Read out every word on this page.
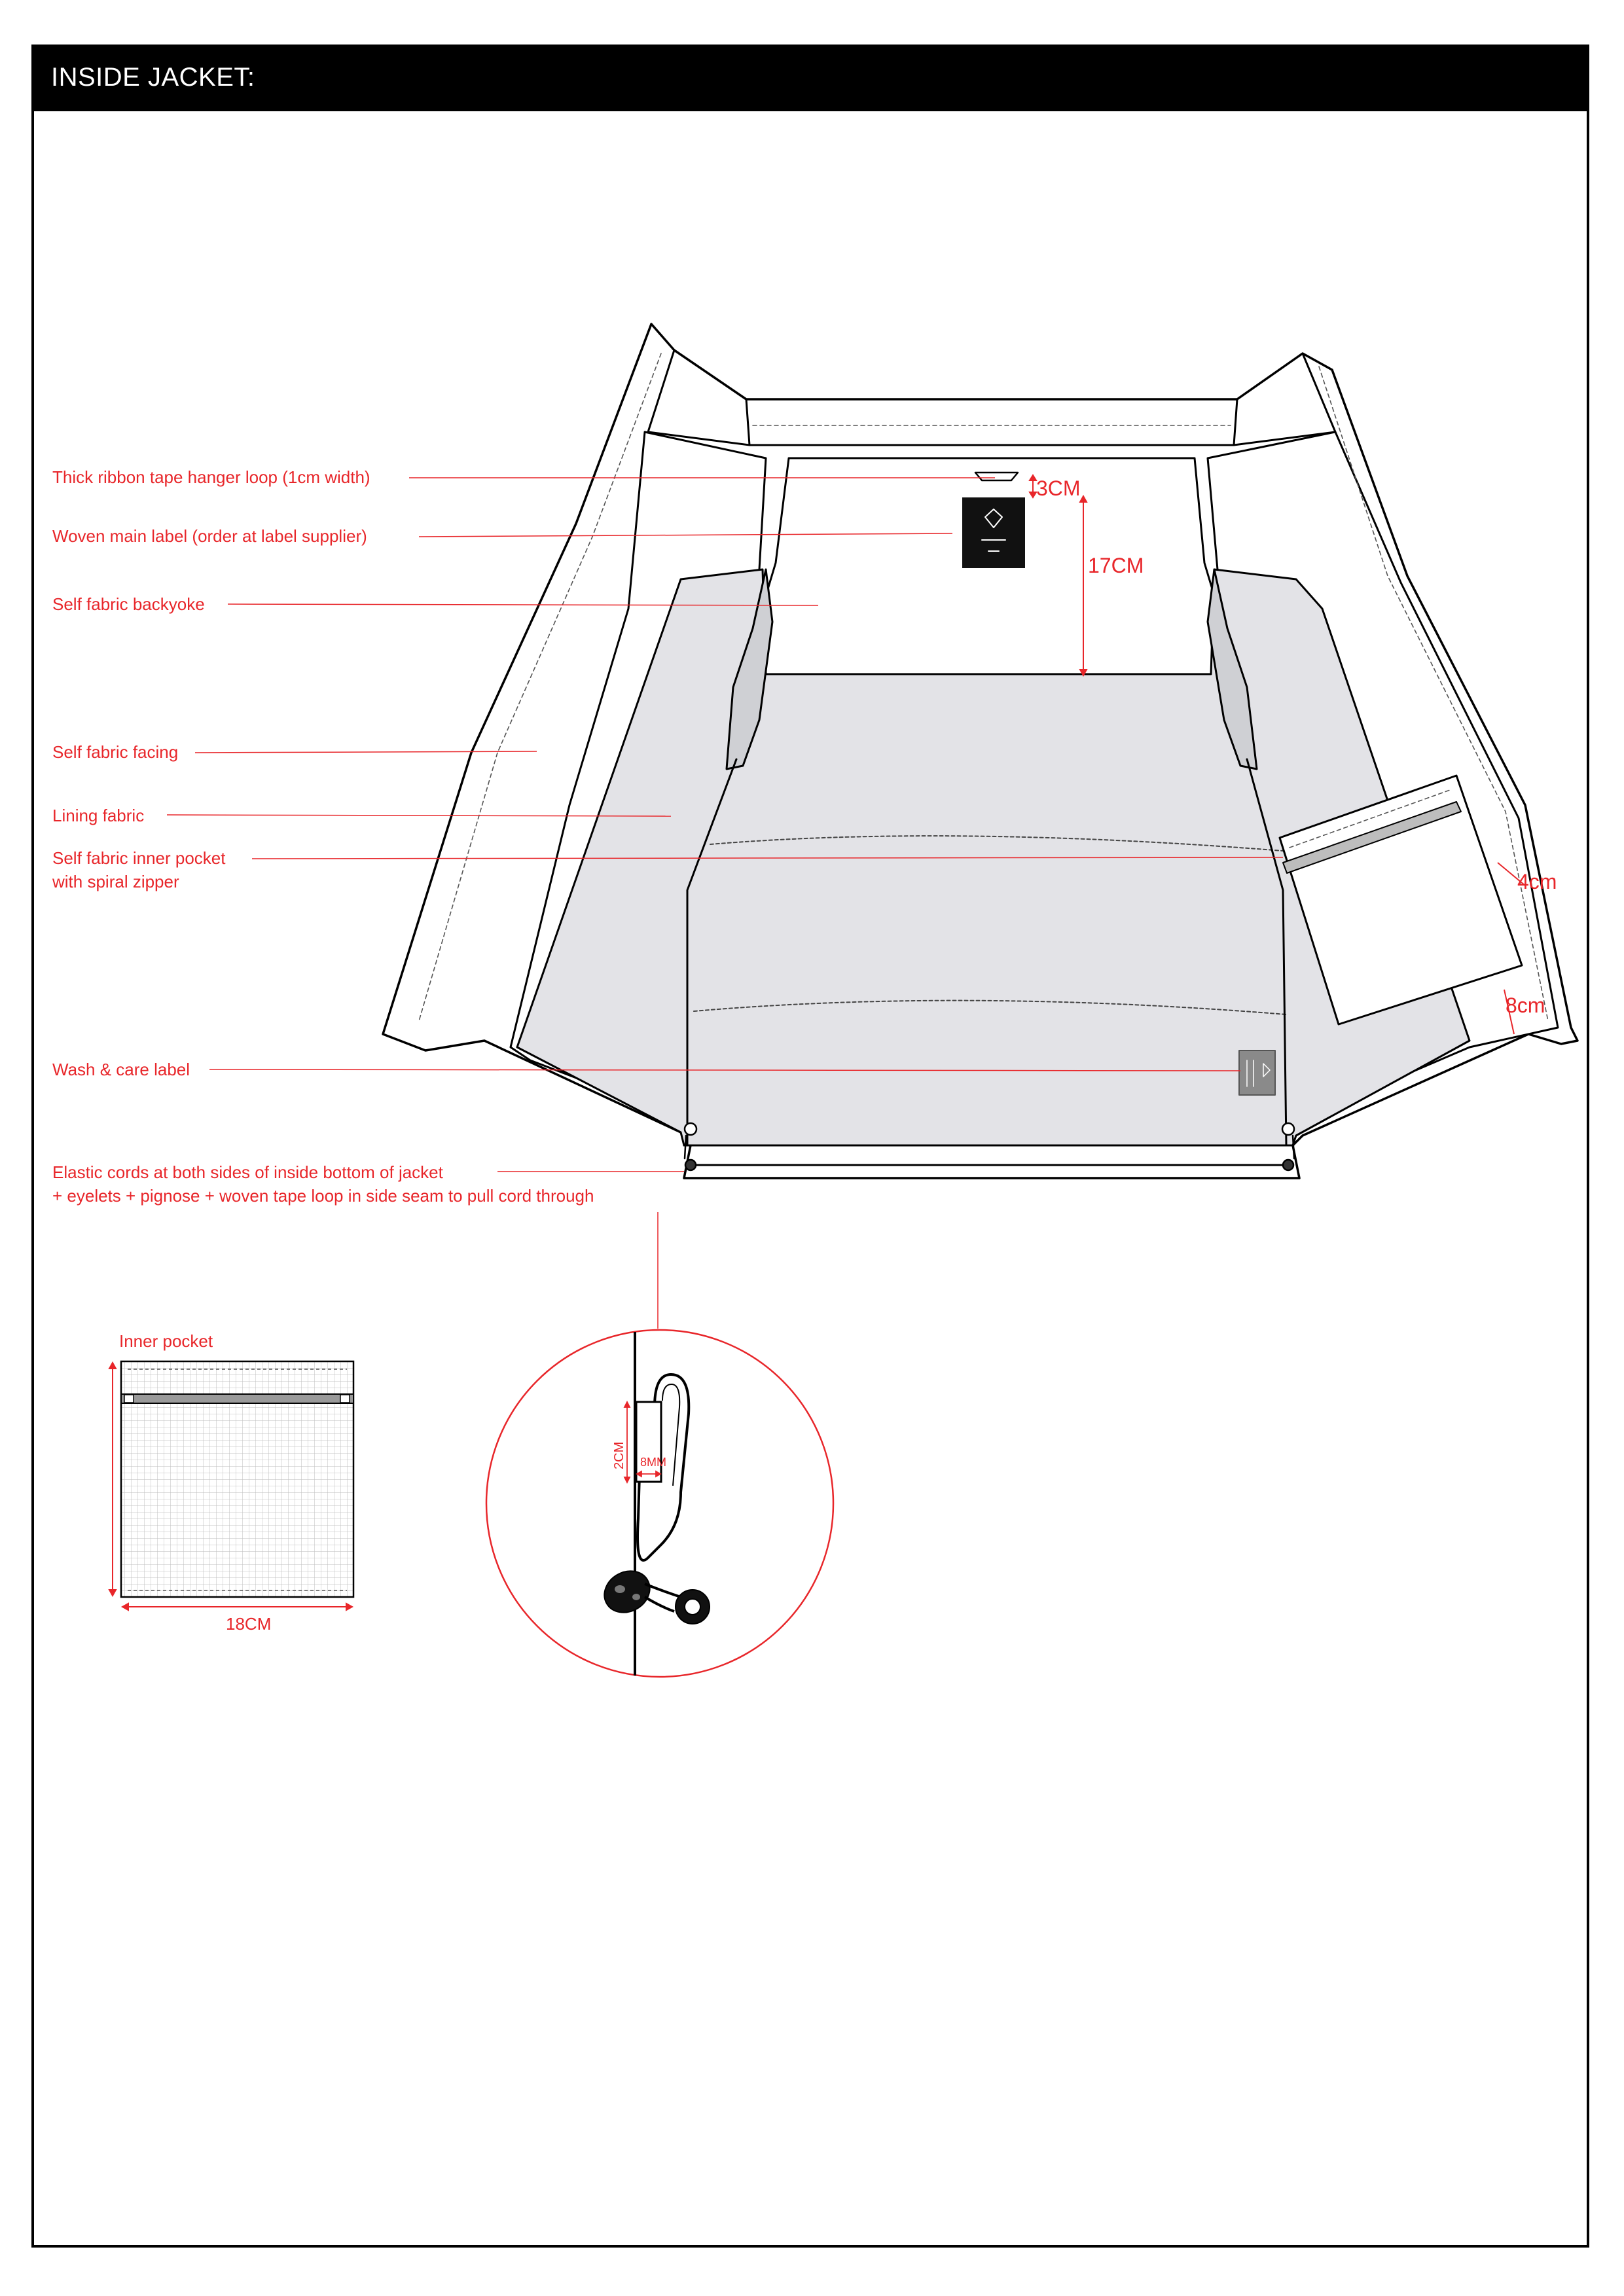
INSIDE JACKET:
Thick ribbon tape hanger loop (1cm width)
Woven main label (order at label supplier)
Self fabric backyoke
Self fabric facing
Lining fabric
Self fabric inner pocket
with spiral zipper
Wash & care label
Elastic cords at both sides of inside bottom of jacket
+ eyelets + pignose + woven tape loop in side seam to pull cord through
3CM
17CM
4cm
8cm
Inner pocket
18CM
2CM 8MM
